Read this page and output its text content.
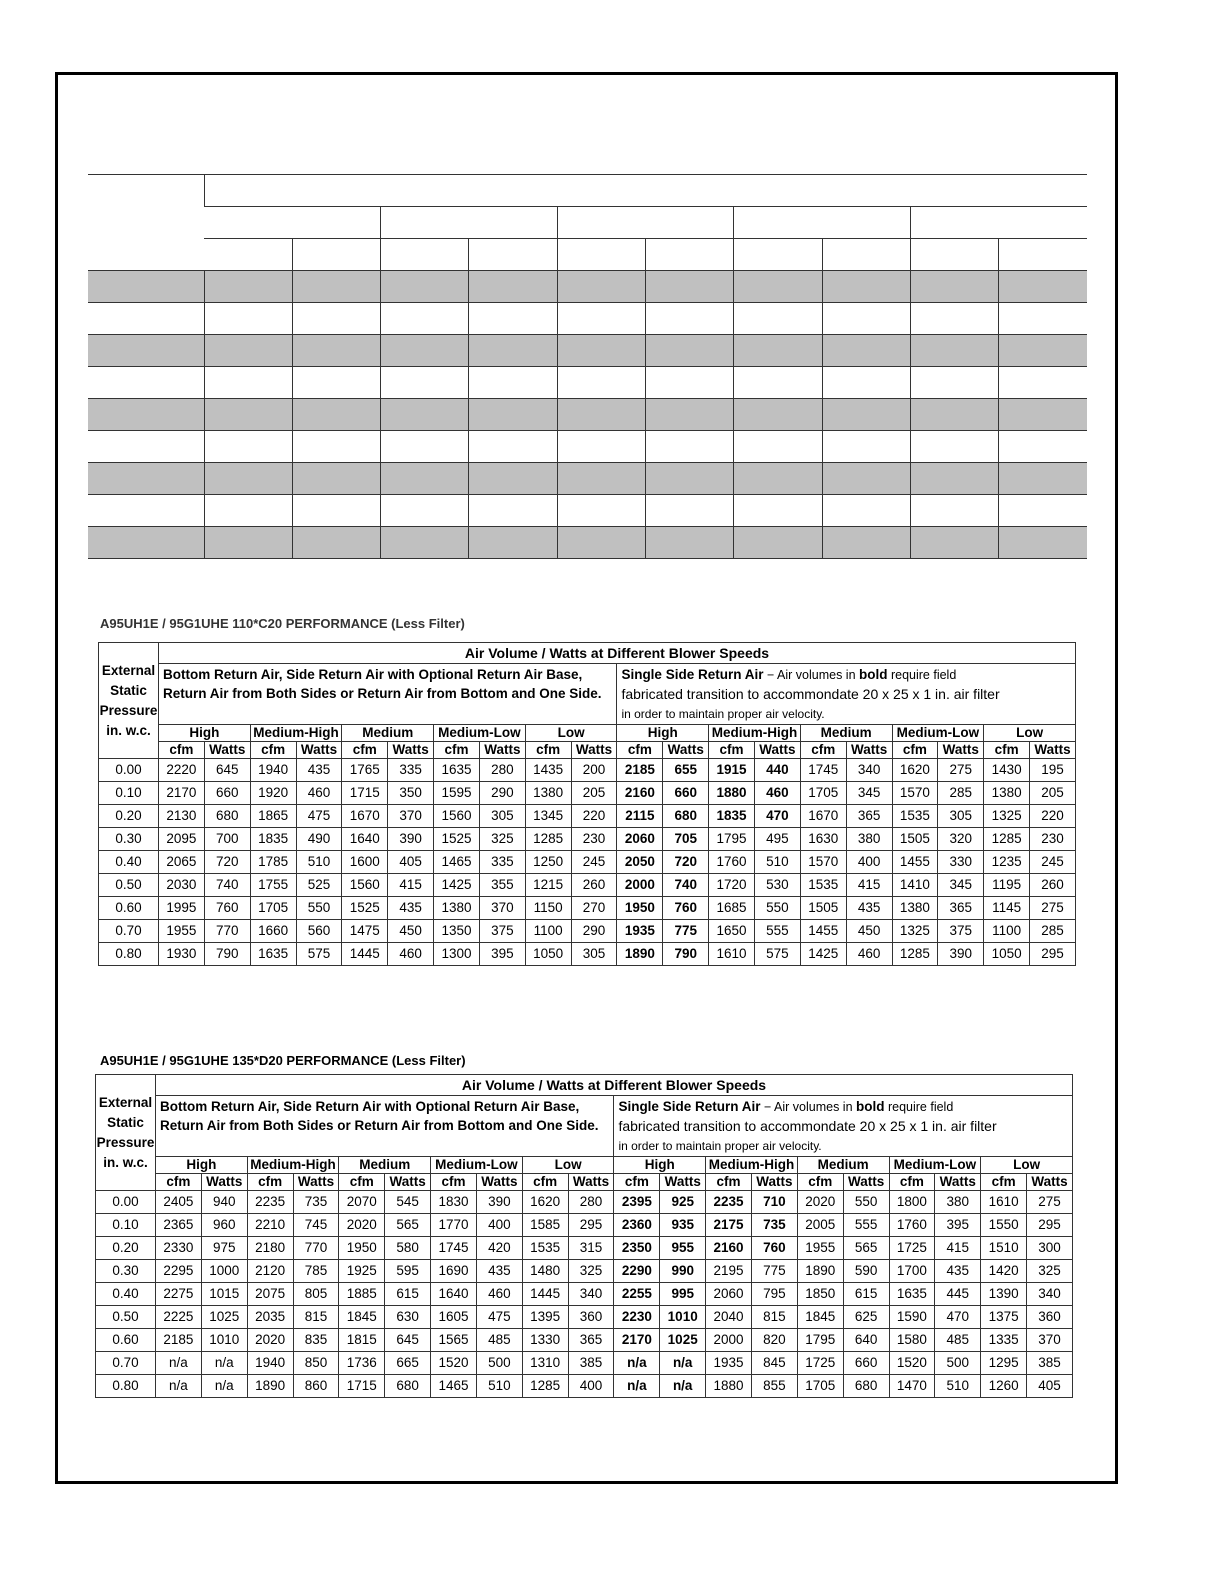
A95UH1E / 95G1UHE 110*C20 PERFORMANCE (Less Filter)
External
Static
Pressure
in. w.c.	Air Volume / Watts at Different Blower Speeds																			
	Bottom Return Air, Side Return Air with Optional Return Air Base, Return Air from Both Sides or Return Air from Bottom and One Side.										Single Side Return Air − Air volumes in bold require field
fabricated transition to accommondate 20 x 25 x 1 in. air filter
in order to maintain proper air velocity.									
	High		Medium-High		Medium		Medium-Low		Low		High		Medium-High		Medium		Medium-Low		Low	
	cfm	Watts	cfm	Watts	cfm	Watts	cfm	Watts	cfm	Watts	cfm	Watts	cfm	Watts	cfm	Watts	cfm	Watts	cfm	Watts
0.00	2220	645	1940	435	1765	335	1635	280	1435	200	2185	655	1915	440	1745	340	1620	275	1430	195
0.10	2170	660	1920	460	1715	350	1595	290	1380	205	2160	660	1880	460	1705	345	1570	285	1380	205
0.20	2130	680	1865	475	1670	370	1560	305	1345	220	2115	680	1835	470	1670	365	1535	305	1325	220
0.30	2095	700	1835	490	1640	390	1525	325	1285	230	2060	705	1795	495	1630	380	1505	320	1285	230
0.40	2065	720	1785	510	1600	405	1465	335	1250	245	2050	720	1760	510	1570	400	1455	330	1235	245
0.50	2030	740	1755	525	1560	415	1425	355	1215	260	2000	740	1720	530	1535	415	1410	345	1195	260
0.60	1995	760	1705	550	1525	435	1380	370	1150	270	1950	760	1685	550	1505	435	1380	365	1145	275
0.70	1955	770	1660	560	1475	450	1350	375	1100	290	1935	775	1650	555	1455	450	1325	375	1100	285
0.80	1930	790	1635	575	1445	460	1300	395	1050	305	1890	790	1610	575	1425	460	1285	390	1050	295
A95UH1E / 95G1UHE 135*D20 PERFORMANCE (Less Filter)
External
Static
Pressure
in. w.c.	Air Volume / Watts at Different Blower Speeds																			
	Bottom Return Air, Side Return Air with Optional Return Air Base, Return Air from Both Sides or Return Air from Bottom and One Side.										Single Side Return Air − Air volumes in bold require field
fabricated transition to accommondate 20 x 25 x 1 in. air filter
in order to maintain proper air velocity.									
	High		Medium-High		Medium		Medium-Low		Low		High		Medium-High		Medium		Medium-Low		Low	
	cfm	Watts	cfm	Watts	cfm	Watts	cfm	Watts	cfm	Watts	cfm	Watts	cfm	Watts	cfm	Watts	cfm	Watts	cfm	Watts
0.00	2405	940	2235	735	2070	545	1830	390	1620	280	2395	925	2235	710	2020	550	1800	380	1610	275
0.10	2365	960	2210	745	2020	565	1770	400	1585	295	2360	935	2175	735	2005	555	1760	395	1550	295
0.20	2330	975	2180	770	1950	580	1745	420	1535	315	2350	955	2160	760	1955	565	1725	415	1510	300
0.30	2295	1000	2120	785	1925	595	1690	435	1480	325	2290	990	2195	775	1890	590	1700	435	1420	325
0.40	2275	1015	2075	805	1885	615	1640	460	1445	340	2255	995	2060	795	1850	615	1635	445	1390	340
0.50	2225	1025	2035	815	1845	630	1605	475	1395	360	2230	1010	2040	815	1845	625	1590	470	1375	360
0.60	2185	1010	2020	835	1815	645	1565	485	1330	365	2170	1025	2000	820	1795	640	1580	485	1335	370
0.70	n/a	n/a	1940	850	1736	665	1520	500	1310	385	n/a	n/a	1935	845	1725	660	1520	500	1295	385
0.80	n/a	n/a	1890	860	1715	680	1465	510	1285	400	n/a	n/a	1880	855	1705	680	1470	510	1260	405
